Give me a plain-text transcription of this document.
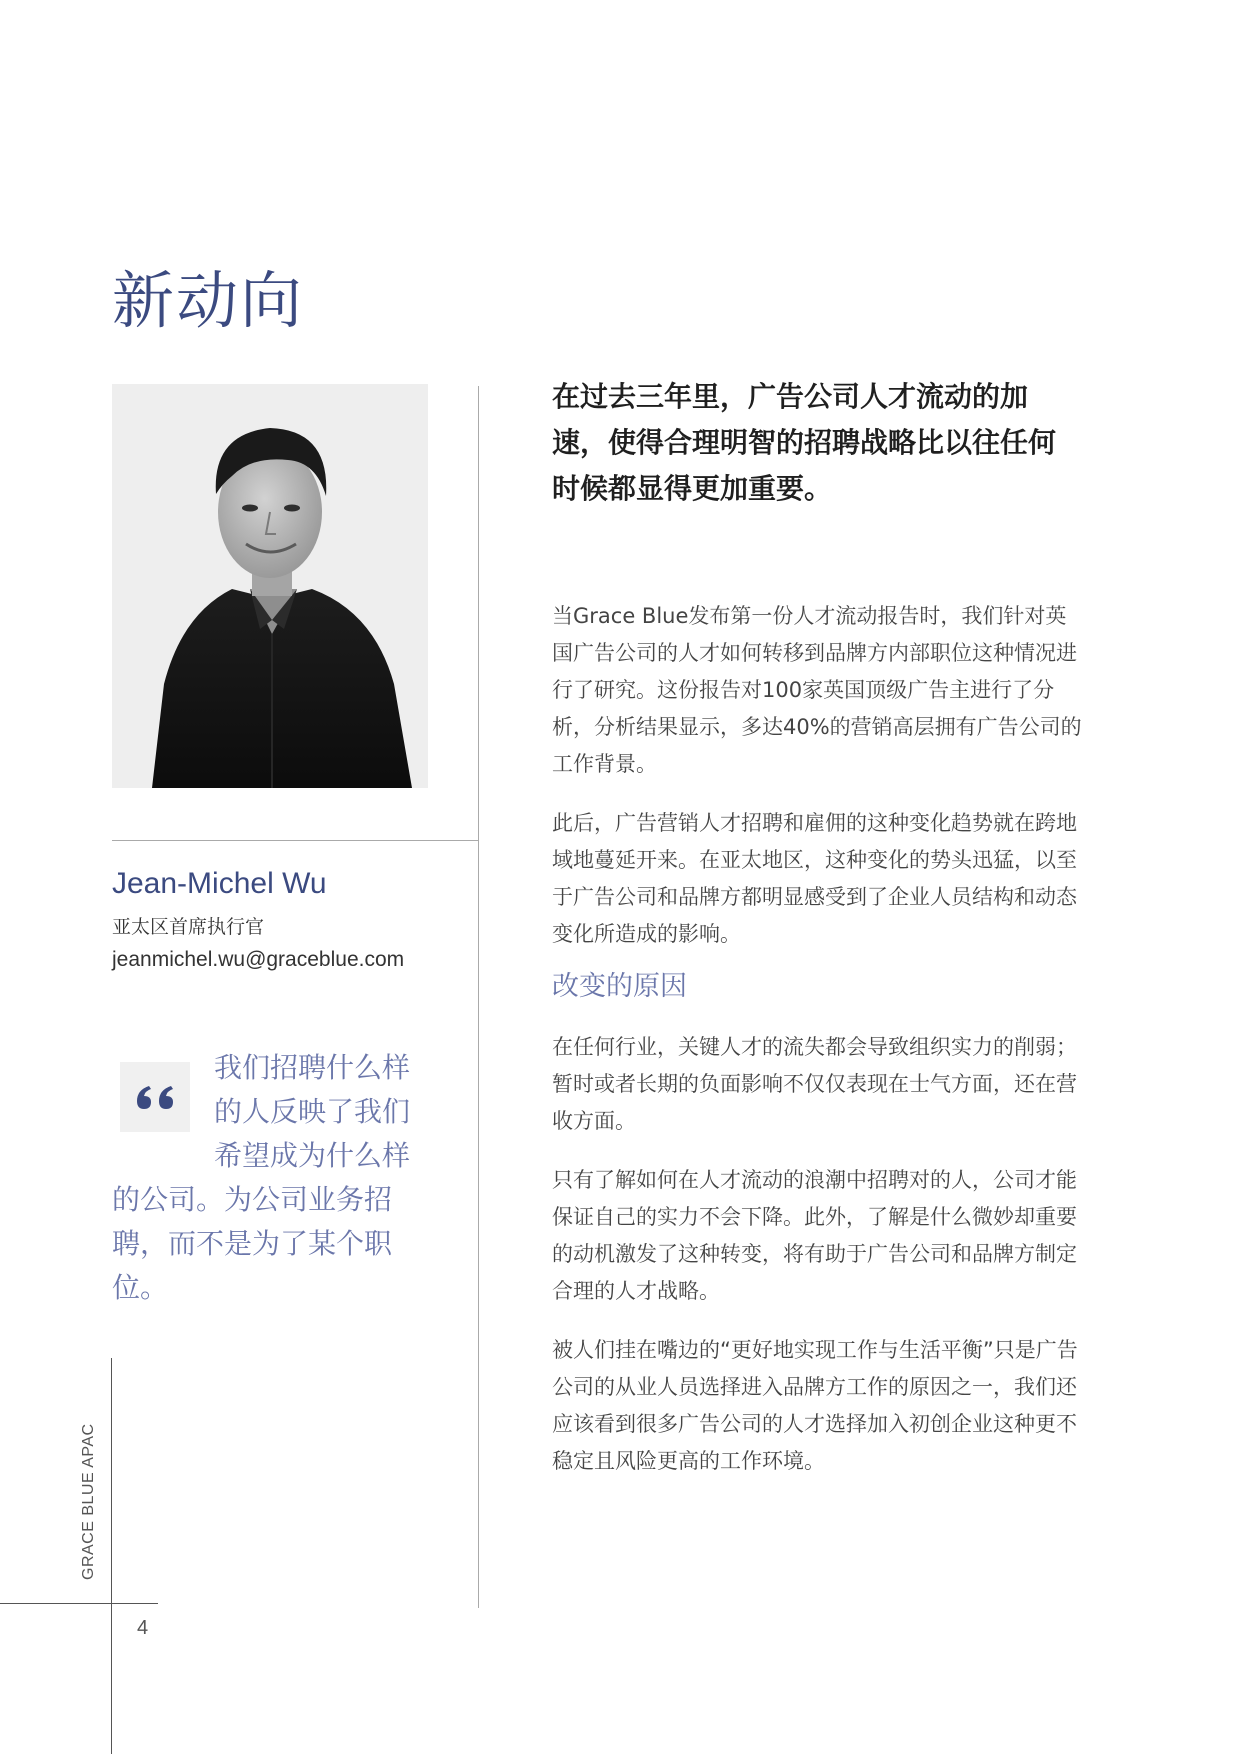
新动向
Jean-Michel Wu
亚太区首席执行官
jeanmichel.wu@graceblue.com

我们招聘什么样的人反映了我们希望成为什么样的公司。为公司业务招聘，而不是为了某个职位。

GRACE BLUE APAC
4

在过去三年里，广告公司人才流动的加速，使得合理明智的招聘战略比以往任何时候都显得更加重要。

当Grace Blue发布第一份人才流动报告时，我们针对英国广告公司的人才如何转移到品牌方内部职位这种情况进行了研究。这份报告对100家英国顶级广告主进行了分析，分析结果显示，多达40%的营销高层拥有广告公司的工作背景。

此后，广告营销人才招聘和雇佣的这种变化趋势就在跨地域地蔓延开来。在亚太地区，这种变化的势头迅猛，以至于广告公司和品牌方都明显感受到了企业人员结构和动态变化所造成的影响。

改变的原因

在任何行业，关键人才的流失都会导致组织实力的削弱；暂时或者长期的负面影响不仅仅表现在士气方面，还在营收方面。

只有了解如何在人才流动的浪潮中招聘对的人，公司才能保证自己的实力不会下降。此外，了解是什么微妙却重要的动机激发了这种转变，将有助于广告公司和品牌方制定合理的人才战略。

被人们挂在嘴边的“更好地实现工作与生活平衡”只是广告公司的从业人员选择进入品牌方工作的原因之一，我们还应该看到很多广告公司的人才选择加入初创企业这种更不稳定且风险更高的工作环境。
